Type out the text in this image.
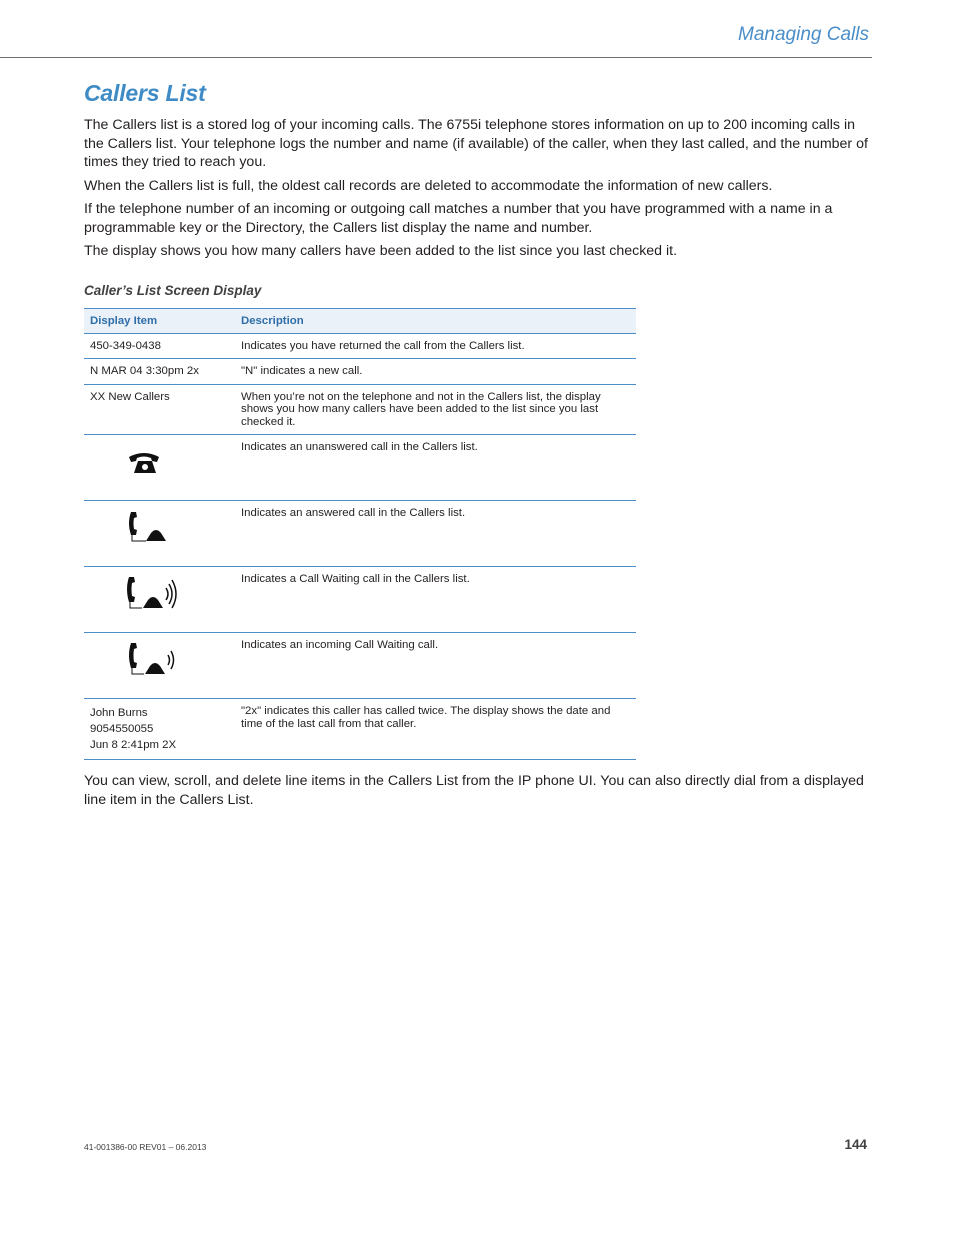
Managing Calls
Callers List

The Callers list is a stored log of your incoming calls. The 6755i telephone stores information on up to 200 incoming calls in the Callers list. Your telephone logs the number and name (if available) of the caller, when they last called, and the number of times they tried to reach you.

When the Callers list is full, the oldest call records are deleted to accommodate the information of new callers.

If the telephone number of an incoming or outgoing call matches a number that you have programmed with a name in a programmable key or the Directory, the Callers list display the name and number.

The display shows you how many callers have been added to the list since you last checked it.

Caller’s List Screen Display
Display Item	Description
450-349-0438	Indicates you have returned the call from the Callers list.
N MAR 04 3:30pm 2x	"N" indicates a new call.
XX New Callers	When you’re not on the telephone and not in the Callers list, the display shows you how many callers have been added to the list since you last checked it.

	Indicates an unanswered call in the Callers list.

	Indicates an answered call in the Callers list.

	Indicates a Call Waiting call in the Callers list.

	Indicates an incoming Call Waiting call.

John Burns
9054550055
Jun 8 2:41pm 2X	"2x" indicates this caller has called twice. The display shows the date and time of the last call from that caller.

You can view, scroll, and delete line items in the Callers List from the IP phone UI. You can also directly dial from a displayed line item in the Callers List.

41-001386-00 REV01 – 06.2013	144
